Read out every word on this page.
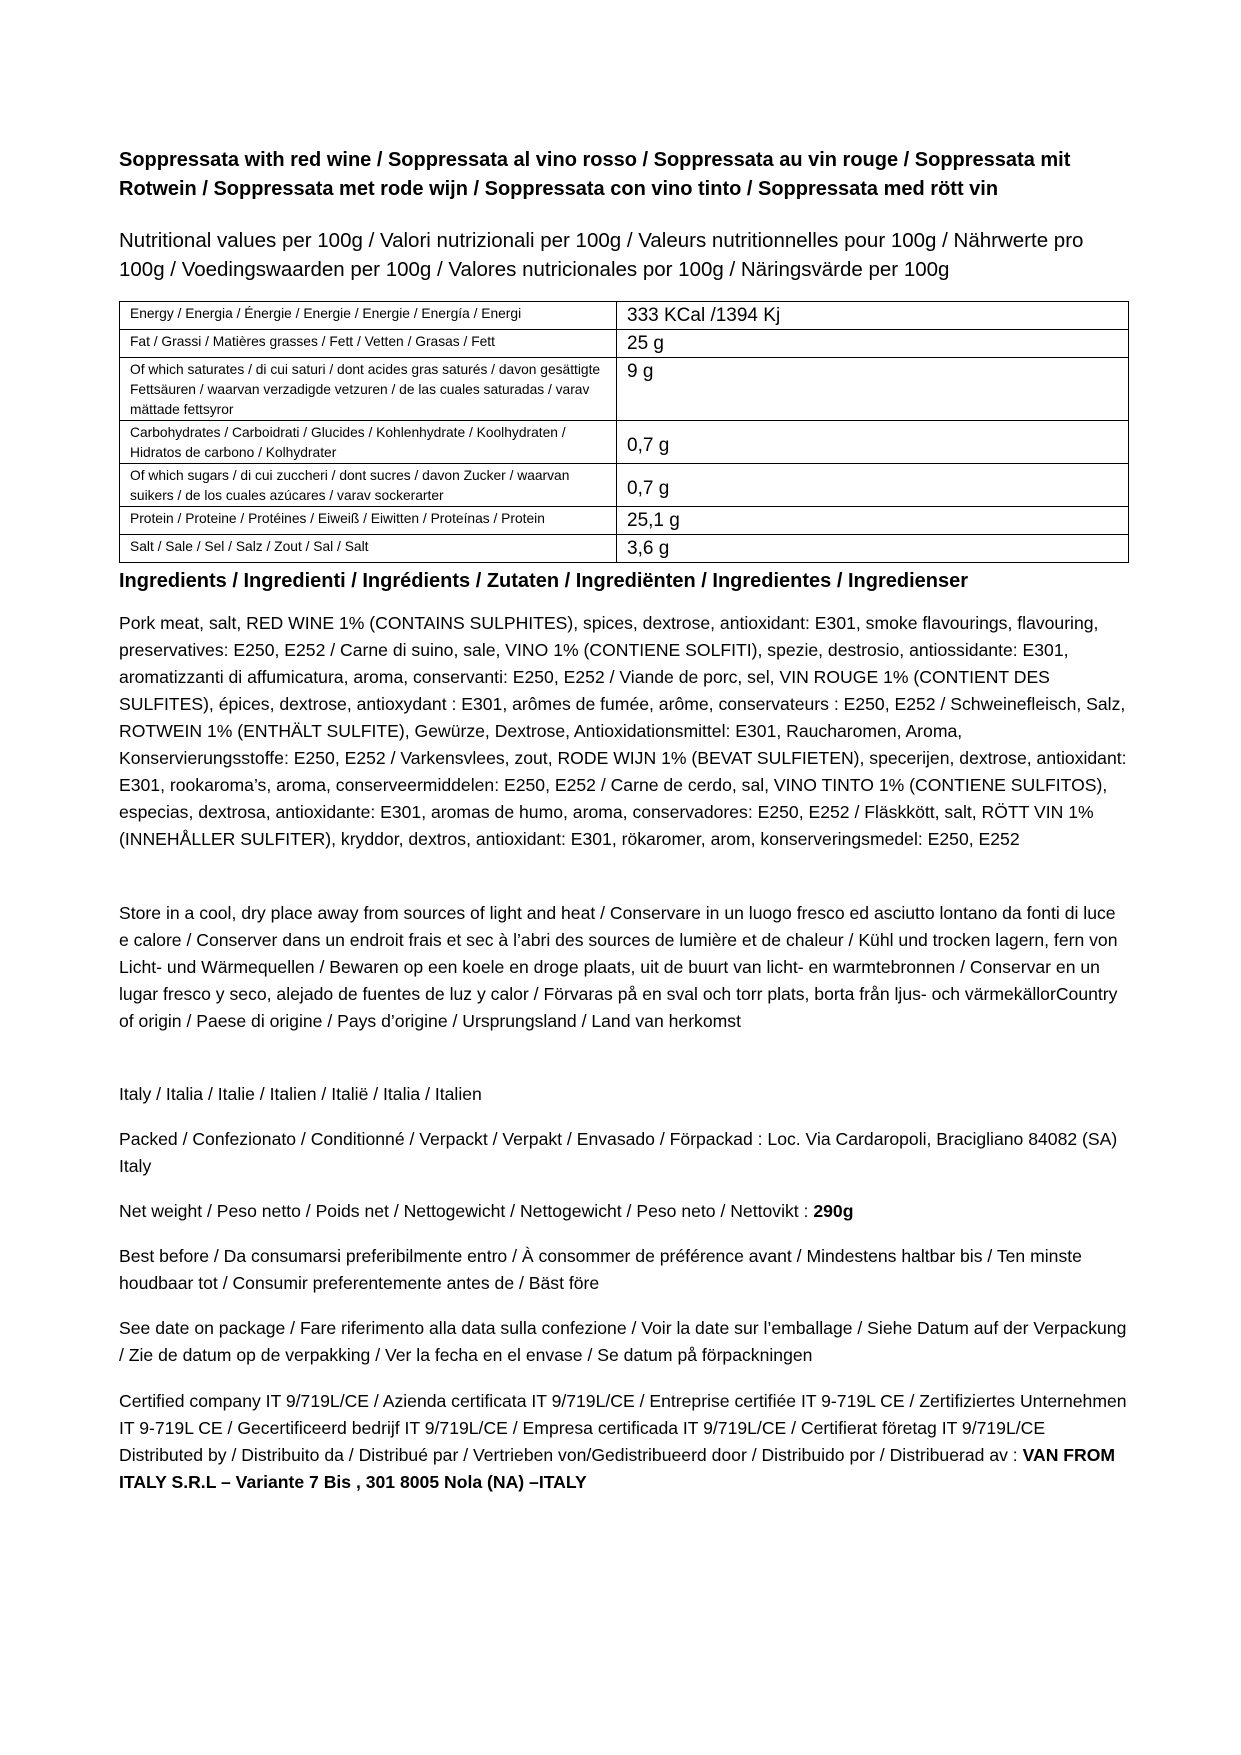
Soppressata with red wine / Soppressata al vino rosso / Soppressata au vin rouge / Soppressata mit Rotwein / Soppressata met rode wijn / Soppressata con vino tinto / Soppressata med rött vin
Nutritional values per 100g / Valori nutrizionali per 100g / Valeurs nutritionnelles pour 100g / Nährwerte pro 100g / Voedingswaarden per 100g / Valores nutricionales por 100g / Näringsvärde per 100g
Energy / Energia / Énergie / Energie / Energie / Energía / Energi	333 KCal /1394 Kj
Fat / Grassi / Matières grasses / Fett / Vetten / Grasas / Fett	25 g
Of which saturates / di cui saturi / dont acides gras saturés / davon gesättigte Fettsäuren / waarvan verzadigde vetzuren / de las cuales saturadas / varav mättade fettsyror	9 g
Carbohydrates / Carboidrati / Glucides / Kohlenhydrate / Koolhydraten / Hidratos de carbono / Kolhydrater	0,7 g
Of which sugars / di cui zuccheri / dont sucres / davon Zucker / waarvan suikers / de los cuales azúcares / varav sockerarter	0,7 g
Protein / Proteine / Protéines / Eiweiß / Eiwitten / Proteínas / Protein	25,1 g
Salt / Sale / Sel / Salz / Zout / Sal / Salt	3,6 g
Ingredients / Ingredienti / Ingrédients / Zutaten / Ingrediënten / Ingredientes / Ingredienser
Pork meat, salt, RED WINE 1% (CONTAINS SULPHITES), spices, dextrose, antioxidant: E301, smoke flavourings, flavouring, preservatives: E250, E252 / Carne di suino, sale, VINO 1% (CONTIENE SOLFITI), spezie, destrosio, antiossidante: E301, aromatizzanti di affumicatura, aroma, conservanti: E250, E252 / Viande de porc, sel, VIN ROUGE 1% (CONTIENT DES SULFITES), épices, dextrose, antioxydant : E301, arômes de fumée, arôme, conservateurs : E250, E252 / Schweinefleisch, Salz, ROTWEIN 1% (ENTHÄLT SULFITE), Gewürze, Dextrose, Antioxidationsmittel: E301, Raucharomen, Aroma, Konservierungsstoffe: E250, E252 / Varkensvlees, zout, RODE WIJN 1% (BEVAT SULFIETEN), specerijen, dextrose, antioxidant: E301, rookaroma’s, aroma, conserveermiddelen: E250, E252 / Carne de cerdo, sal, VINO TINTO 1% (CONTIENE SULFITOS), especias, dextrosa, antioxidante: E301, aromas de humo, aroma, conservadores: E250, E252 / Fläskkött, salt, RÖTT VIN 1% (INNEHÅLLER SULFITER), kryddor, dextros, antioxidant: E301, rökaromer, arom, konserveringsmedel: E250, E252
Store in a cool, dry place away from sources of light and heat / Conservare in un luogo fresco ed asciutto lontano da fonti di luce e calore / Conserver dans un endroit frais et sec à l’abri des sources de lumière et de chaleur / Kühl und trocken lagern, fern von Licht- und Wärmequellen / Bewaren op een koele en droge plaats, uit de buurt van licht- en warmtebronnen / Conservar en un lugar fresco y seco, alejado de fuentes de luz y calor / Förvaras på en sval och torr plats, borta från ljus- och värmekällorCountry of origin / Paese di origine / Pays d’origine / Ursprungsland / Land van herkomst
Italy / Italia / Italie / Italien / Italië / Italia / Italien
Packed / Confezionato / Conditionné / Verpackt / Verpakt / Envasado / Förpackad : Loc. Via Cardaropoli, Bracigliano 84082 (SA) Italy
Net weight / Peso netto / Poids net / Nettogewicht / Nettogewicht / Peso neto / Nettovikt : 290g
Best before / Da consumarsi preferibilmente entro / À consommer de préférence avant / Mindestens haltbar bis / Ten minste houdbaar tot / Consumir preferentemente antes de / Bäst före
See date on package / Fare riferimento alla data sulla confezione / Voir la date sur l’emballage / Siehe Datum auf der Verpackung / Zie de datum op de verpakking / Ver la fecha en el envase / Se datum på förpackningen
Certified company IT 9/719L/CE / Azienda certificata IT 9/719L/CE / Entreprise certifiée IT 9-719L CE / Zertifiziertes Unternehmen IT 9-719L CE / Gecertificeerd bedrijf IT 9/719L/CE / Empresa certificada IT 9/719L/CE / Certifierat företag IT 9/719L/CE Distributed by / Distribuito da / Distribué par / Vertrieben von/Gedistribueerd door / Distribuido por / Distribuerad av : VAN FROM ITALY S.R.L – Variante 7 Bis , 301 8005 Nola (NA) –ITALY
